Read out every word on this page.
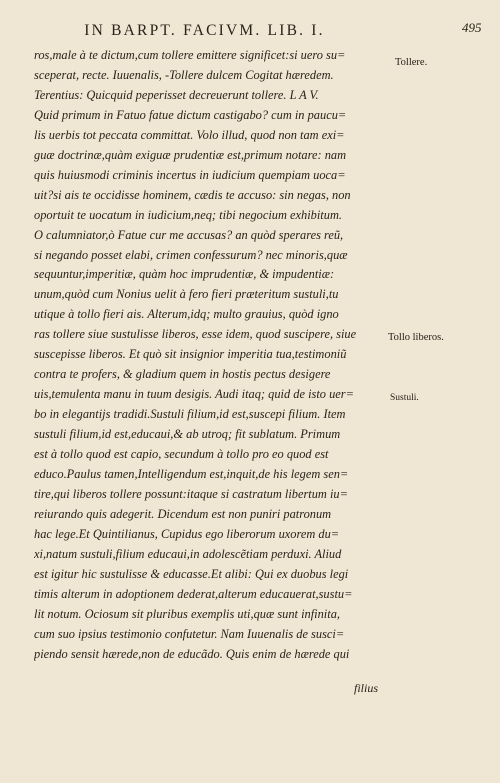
IN BARPT. FACIVM. LIB. I.	495
ros,male à te dictum,cum tollere emittere significet:si uero su=
sceperat, recte. Iuuenalis, -Tollere dulcem Cogitat hæredem.
Terentius: Quicquid peperisset decreuerunt tollere. L A V.
Quid primum in Fatuo fatue dictum castigabo? cum in paucu=
lis uerbis tot peccata committat. Volo illud, quod non tam exi=
guæ doctrinæ,quàm exiguæ prudentiæ est,primum notare: nam
quis huiusmodi criminis incertus in iudicium quempiam uoca=
uit?si ais te occidisse hominem, cædis te accuso: sin negas, non
oportuit te uocatum in iudicium,neq; tibi negocium exhibitum.
O calumniator,ò Fatue cur me accusas? an quòd sperares reũ,
si negando posset elabi, crimen confessurum? nec minoris,quæ
sequuntur,imperitiæ, quàm hoc imprudentiæ, & impudentiæ:
unum,quòd cum Nonius uelit à fero fieri præteritum sustuli,tu
utique à tollo fieri ais. Alterum,idq; multo grauius, quòd igno
ras tollere siue sustulisse liberos, esse idem, quod suscipere, siue
suscepisse liberos. Et quò sit insignior imperitia tua,testimoniũ
contra te profers, & gladium quem in hostis pectus desigere
uis,temulenta manu in tuum desigis. Audi itaq; quid de isto uer=
bo in elegantijs tradidi.Sustuli filium,id est,suscepi filium. Item
sustuli filium,id est,educaui,& ab utroq; fit sublatum. Primum
est à tollo quod est capio, secundum à tollo pro eo quod est
educo.Paulus tamen,Intelligendum est,inquit,de his legem sen=
tire,qui liberos tollere possunt:itaque si castratum libertum iu=
reiurando quis adegerit. Dicendum est non puniri patronum
hac lege.Et Quintilianus, Cupidus ego liberorum uxorem du=
xi,natum sustuli,filium educaui,in adolescẽtiam perduxi. Aliud
est igitur hic sustulisse & educasse.Et alibi: Qui ex duobus legi
timis alterum in adoptionem dederat,alterum educauerat,sustu=
lit notum. Ociosum sit pluribus exemplis uti,quæ sunt infinita,
cum suo ipsius testimonio confutetur. Nam Iuuenalis de susci=
piendo sensit hærede,non de educãdo. Quis enim de hærede qui
filius
Tollere.
Tollo liberos.
Sustuli.
